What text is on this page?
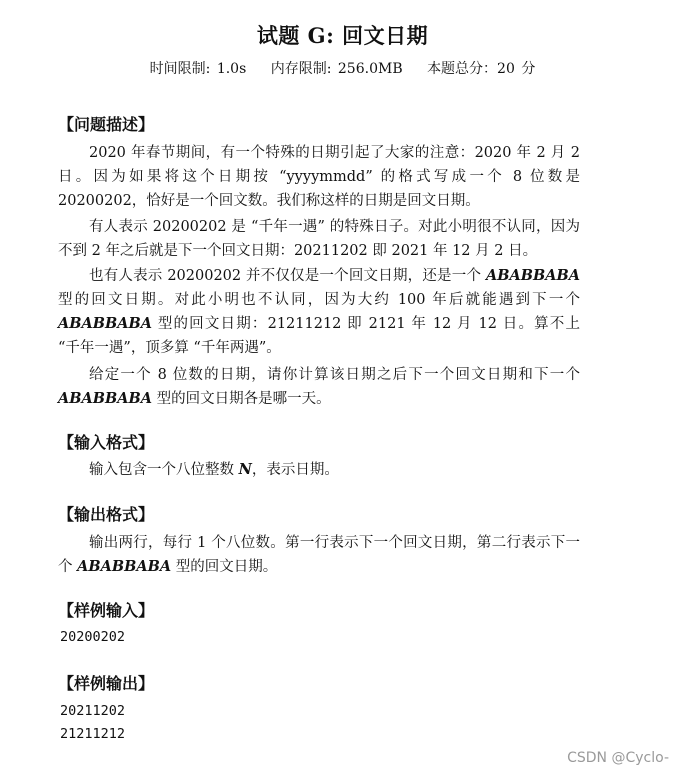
试题 G: 回文日期
时间限制: 1.0s 内存限制: 256.0MB 本题总分：20 分
【问题描述】

2020 年春节期间，有一个特殊的日期引起了大家的注意：2020 年 2 月 2 日。因为如果将这个日期按 “yyyymmdd” 的格式写成一个 8 位数是 20200202，恰好是一个回文数。我们称这样的日期是回文日期。

有人表示 20200202 是 “千年一遇” 的特殊日子。对此小明很不认同，因为不到 2 年之后就是下一个回文日期：20211202 即 2021 年 12 月 2 日。

也有人表示 20200202 并不仅仅是一个回文日期，还是一个 ABABBABA 型的回文日期。对此小明也不认同，因为大约 100 年后就能遇到下一个 ABABBABA 型的回文日期：21211212 即 2121 年 12 月 12 日。算不上 “千年一遇”，顶多算 “千年两遇”。

给定一个 8 位数的日期，请你计算该日期之后下一个回文日期和下一个 ABABBABA 型的回文日期各是哪一天。

【输入格式】

输入包含一个八位整数 N，表示日期。

【输出格式】

输出两行，每行 1 个八位数。第一行表示下一个回文日期，第二行表示下一个 ABABBABA 型的回文日期。

【样例输入】
20200202
【样例输出】
20211202
21211212
CSDN @Cyclo-
